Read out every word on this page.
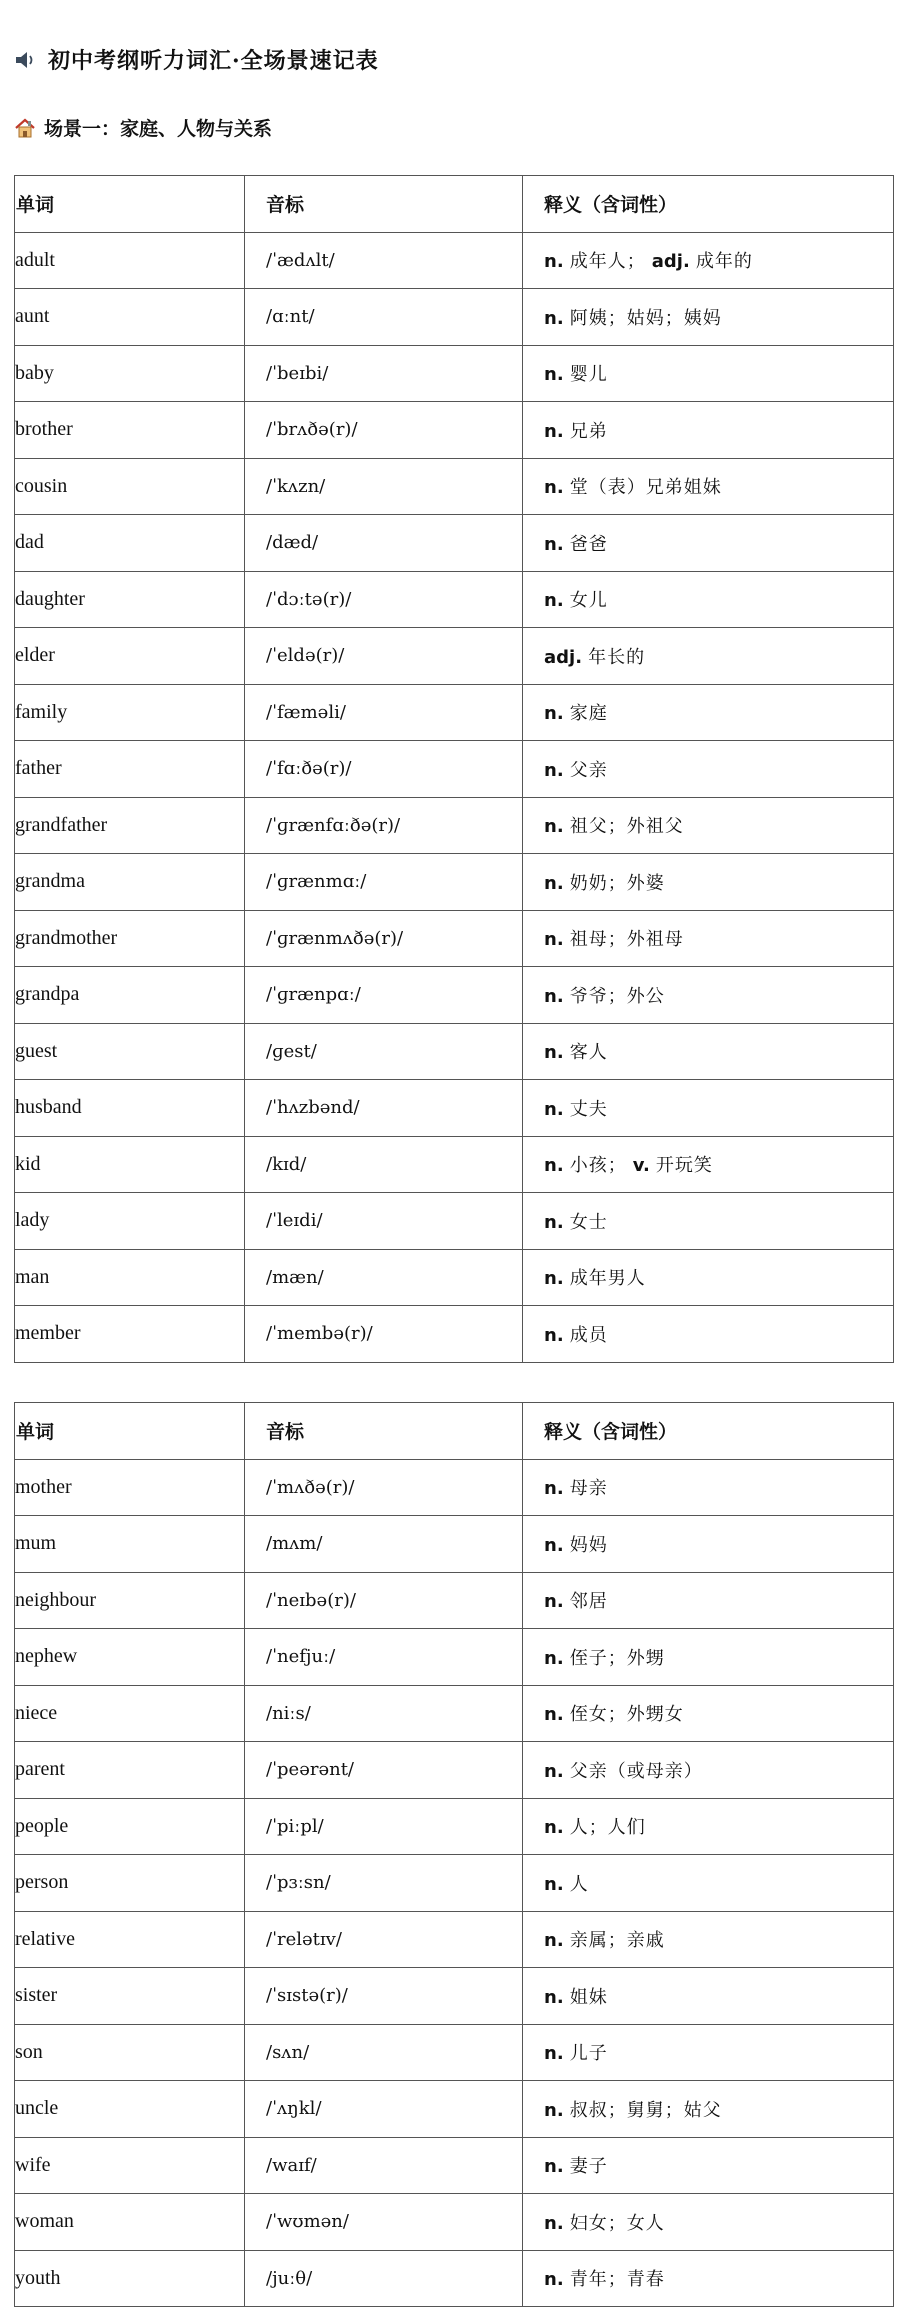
初中考纲听力词汇·全场景速记表
场景一：家庭、人物与关系
单词	音标	释义（含词性）
adult	/ˈædʌlt/	n. 成年人； adj. 成年的
aunt	/ɑːnt/	n. 阿姨；姑妈；姨妈
baby	/ˈbeɪbi/	n. 婴儿
brother	/ˈbrʌðə(r)/	n. 兄弟
cousin	/ˈkʌzn/	n. 堂（表）兄弟姐妹
dad	/dæd/	n. 爸爸
daughter	/ˈdɔːtə(r)/	n. 女儿
elder	/ˈeldə(r)/	adj. 年长的
family	/ˈfæməli/	n. 家庭
father	/ˈfɑːðə(r)/	n. 父亲
grandfather	/ˈɡrænfɑːðə(r)/	n. 祖父；外祖父
grandma	/ˈɡrænmɑː/	n. 奶奶；外婆
grandmother	/ˈɡrænmʌðə(r)/	n. 祖母；外祖母
grandpa	/ˈɡrænpɑː/	n. 爷爷；外公
guest	/ɡest/	n. 客人
husband	/ˈhʌzbənd/	n. 丈夫
kid	/kɪd/	n. 小孩； v. 开玩笑
lady	/ˈleɪdi/	n. 女士
man	/mæn/	n. 成年男人
member	/ˈmembə(r)/	n. 成员
单词	音标	释义（含词性）
mother	/ˈmʌðə(r)/	n. 母亲
mum	/mʌm/	n. 妈妈
neighbour	/ˈneɪbə(r)/	n. 邻居
nephew	/ˈnefjuː/	n. 侄子；外甥
niece	/niːs/	n. 侄女；外甥女
parent	/ˈpeərənt/	n. 父亲（或母亲）
people	/ˈpiːpl/	n. 人；人们
person	/ˈpɜːsn/	n. 人
relative	/ˈrelətɪv/	n. 亲属；亲戚
sister	/ˈsɪstə(r)/	n. 姐妹
son	/sʌn/	n. 儿子
uncle	/ˈʌŋkl/	n. 叔叔；舅舅；姑父
wife	/waɪf/	n. 妻子
woman	/ˈwʊmən/	n. 妇女；女人
youth	/juːθ/	n. 青年；青春
